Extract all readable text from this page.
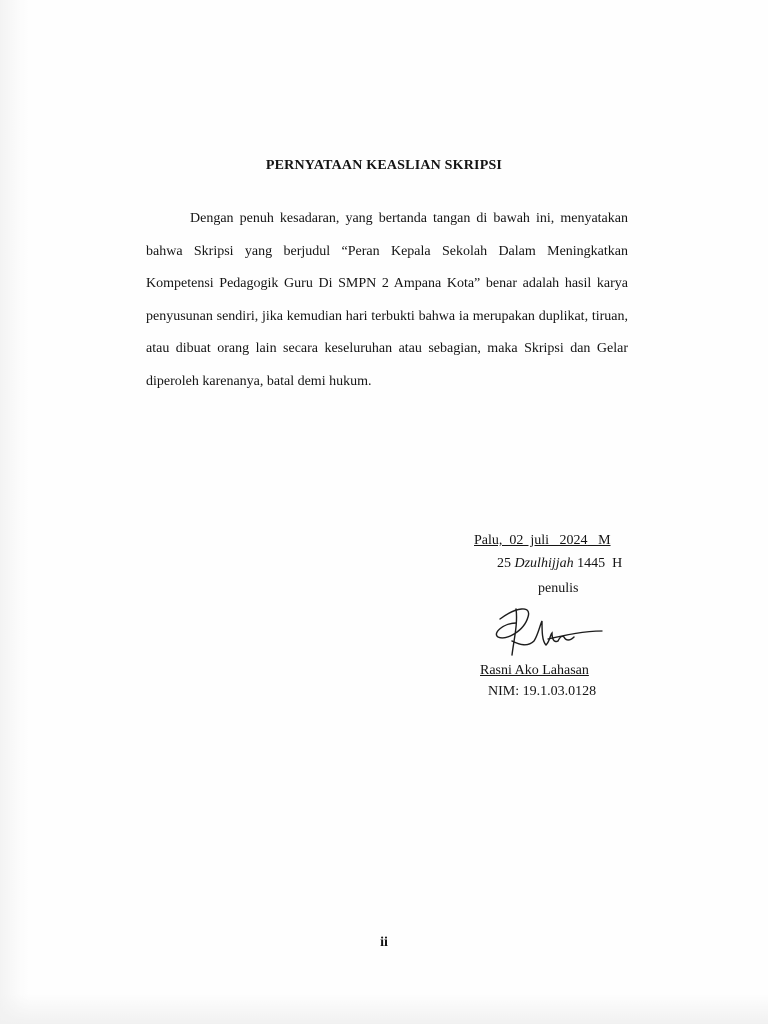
PERNYATAAN KEASLIAN SKRIPSI

Dengan penuh kesadaran, yang bertanda tangan di bawah ini, menyatakan bahwa Skripsi yang berjudul “Peran Kepala Sekolah Dalam Meningkatkan Kompetensi Pedagogik Guru Di SMPN 2 Ampana Kota” benar adalah hasil karya penyusunan sendiri, jika kemudian hari terbukti bahwa ia merupakan duplikat, tiruan, atau dibuat orang lain secara keseluruhan atau sebagian, maka Skripsi dan Gelar diperoleh karenanya, batal demi hukum.

Palu,  02  juli   2024 M
25 Dzulhijjah 1445  H
penulis
Rasni Ako Lahasan
NIM: 19.1.03.0128
ii
